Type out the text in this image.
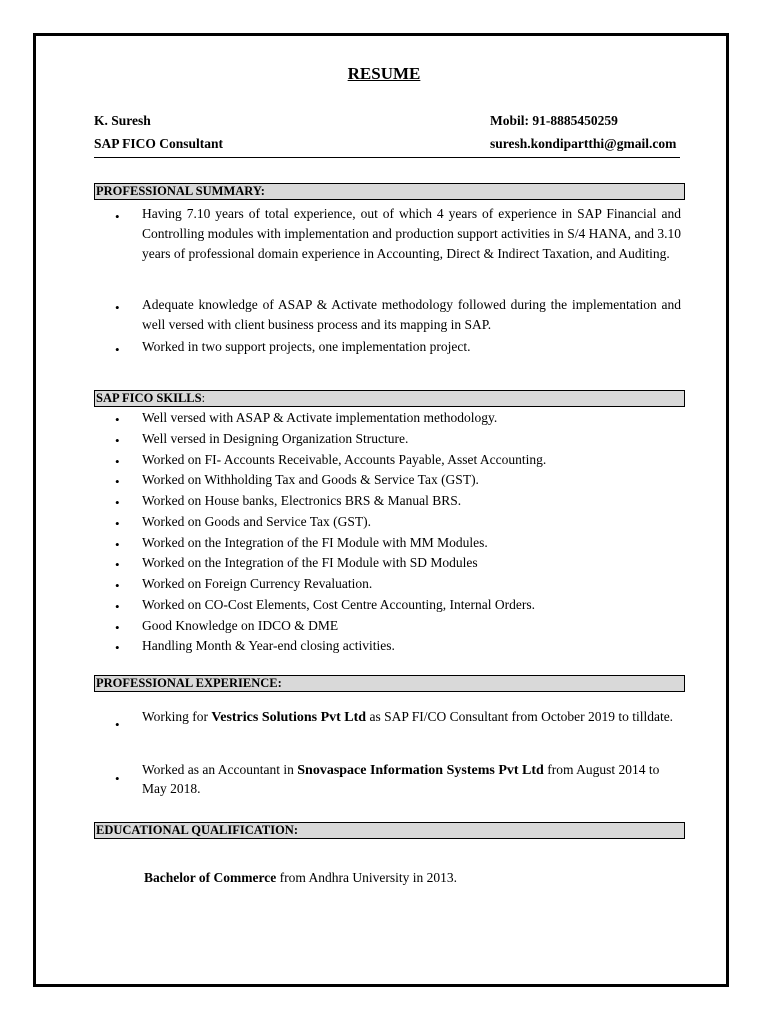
RESUME
K. Suresh
SAP FICO Consultant
Mobil: 91-8885450259
suresh.kondipartthi@gmail.com
PROFESSIONAL SUMMARY:
• Having 7.10 years of total experience, out of which 4 years of experience in SAP Financial and Controlling modules with implementation and production support activities in S/4 HANA, and 3.10 years of professional domain experience in Accounting, Direct & Indirect Taxation, and Auditing.
• Adequate knowledge of ASAP & Activate methodology followed during the implementation and well versed with client business process and its mapping in SAP.
• Worked in two support projects, one implementation project.
SAP FICO SKILLS:
• Well versed with ASAP & Activate implementation methodology.
• Well versed in Designing Organization Structure.
• Worked on FI- Accounts Receivable, Accounts Payable, Asset Accounting.
• Worked on Withholding Tax and Goods & Service Tax (GST).
• Worked on House banks, Electronics BRS & Manual BRS.
• Worked on Goods and Service Tax (GST).
• Worked on the Integration of the FI Module with MM Modules.
• Worked on the Integration of the FI Module with SD Modules
• Worked on Foreign Currency Revaluation.
• Worked on CO-Cost Elements, Cost Centre Accounting, Internal Orders.
• Good Knowledge on IDCO & DME
• Handling Month & Year-end closing activities.
PROFESSIONAL EXPERIENCE:
•
Working for Vestrics Solutions Pvt Ltd as SAP FI/CO Consultant from October 2019 to tilldate.
•
Worked as an Accountant in Snovaspace Information Systems Pvt Ltd from August 2014 to May 2018.
EDUCATIONAL QUALIFICATION:
Bachelor of Commerce from Andhra University in 2013.
